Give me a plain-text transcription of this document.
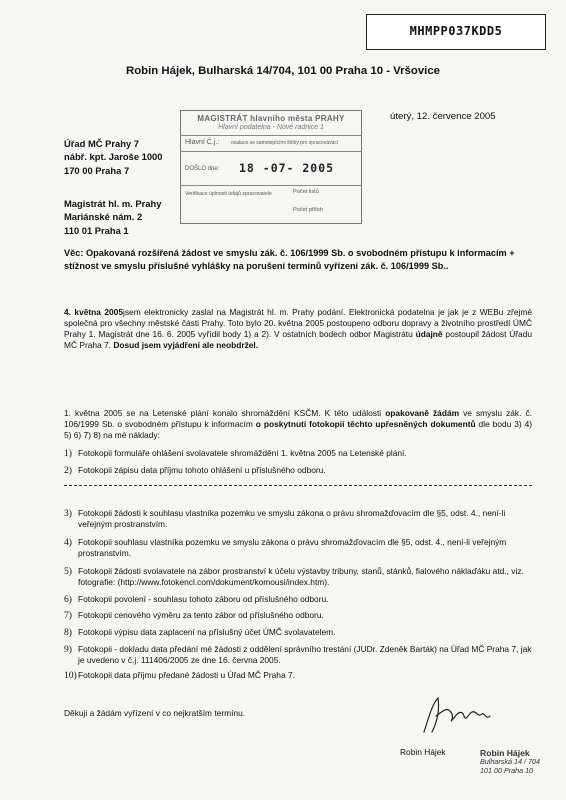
MHMPP037KDD5
Robin Hájek, Bulharská 14/704, 101 00 Praha 10 - Vršovice
MAGISTRÁT hlavního města PRAHY
Hlavní podatelna - Nové radnice 1
Hlavní Č.j.: ovalace se samolepícími štítky pro zpracovávací
DOŠLO dne: 18 -07- 2005
Verifikace úplnosti údajů zpracovatele	Počet listů
Počet příloh
úterý, 12. července 2005
Úřad MČ Prahy 7
nábř. kpt. Jaroše 1000
170 00 Praha 7
Magistrát hl. m. Prahy
Mariánské nám. 2
110 01 Praha 1
Věc: Opakovaná rozšířená žádost ve smyslu zák. č. 106/1999 Sb. o svobodném přístupu k informacím + stížnost ve smyslu příslušné vyhlášky na porušení termínů vyřízení zák. č. 106/1999 Sb..
4. května 2005jsem elektronicky zaslal na Magistrát hl. m. Prahy podání. Elektronická podatelna je jak je z WEBu zřejmé společná pro všechny městské části Prahy. Toto bylo 20. května 2005 postoupeno odboru dopravy a životního prostředí ÚMČ Prahy 1. Magistrát dne 16. 6. 2005 vyřídil body 1) a 2). V ostatních bodech odbor Magistrátu údajně postoupil žádost Úřadu MČ Praha 7. Dosud jsem vyjádření ale neobdržel.
1. května 2005 se na Letenské plání konalo shromáždění KSČM. K této události opakovaně žádám ve smyslu zák. č. 106/1999 Sb. o svobodném přístupu k informacím o poskytnutí fotokopií těchto upřesněných dokumentů dle bodu 3) 4) 5) 6) 7) 8) na mé náklady:
1) Fotokopii formuláře ohlášení svolavatele shromáždění 1. května 2005 na Letenské plání.
2) Fotokopii zápisu data příjmu tohoto ohlášení u příslušného odboru.
3) Fotokopii žádosti k souhlasu vlastníka pozemku ve smyslu zákona o právu shromažďovacím dle §5, odst. 4., není-li veřejným prostranstvím.
4) Fotokopii souhlasu vlastníka pozemku ve smyslu zákona o právu shromažďovacím dle §5, odst. 4., není-li veřejným prostranstvím.
5) Fotokopii žádosti svolavatele na zábor prostranství k účelu výstavby tribuny, stanů, stánků, fialového náklaďáku atd., viz. fotografie: (http://www.fotokencl.com/dokument/komousi/index.htm).
6) Fotokopii povolení - souhlasu tohoto záboru od příslušného odboru.
7) Fotokopii cenového výměru za tento zábor od příslušného odboru.
8) Fotokopii výpisu data zaplacení na příslušný účet ÚMČ svolavatelem.
9) Fotokopii - dokladu data předání mé žádosti z oddělení správního trestání (JUDr. Zdeněk Barták) na Úřad MČ Praha 7, jak je uvedeno v č.j. 111406/2005 ze dne 16. června 2005.
10) Fotokopii data příjmu předané žádosti u Úřad MČ Praha 7.
Děkuji a žádám vyřízení v co nejkratším termínu.
Robin Hájek	Robin Hájek
Bulharská 14 / 704
101 00 Praha 10
